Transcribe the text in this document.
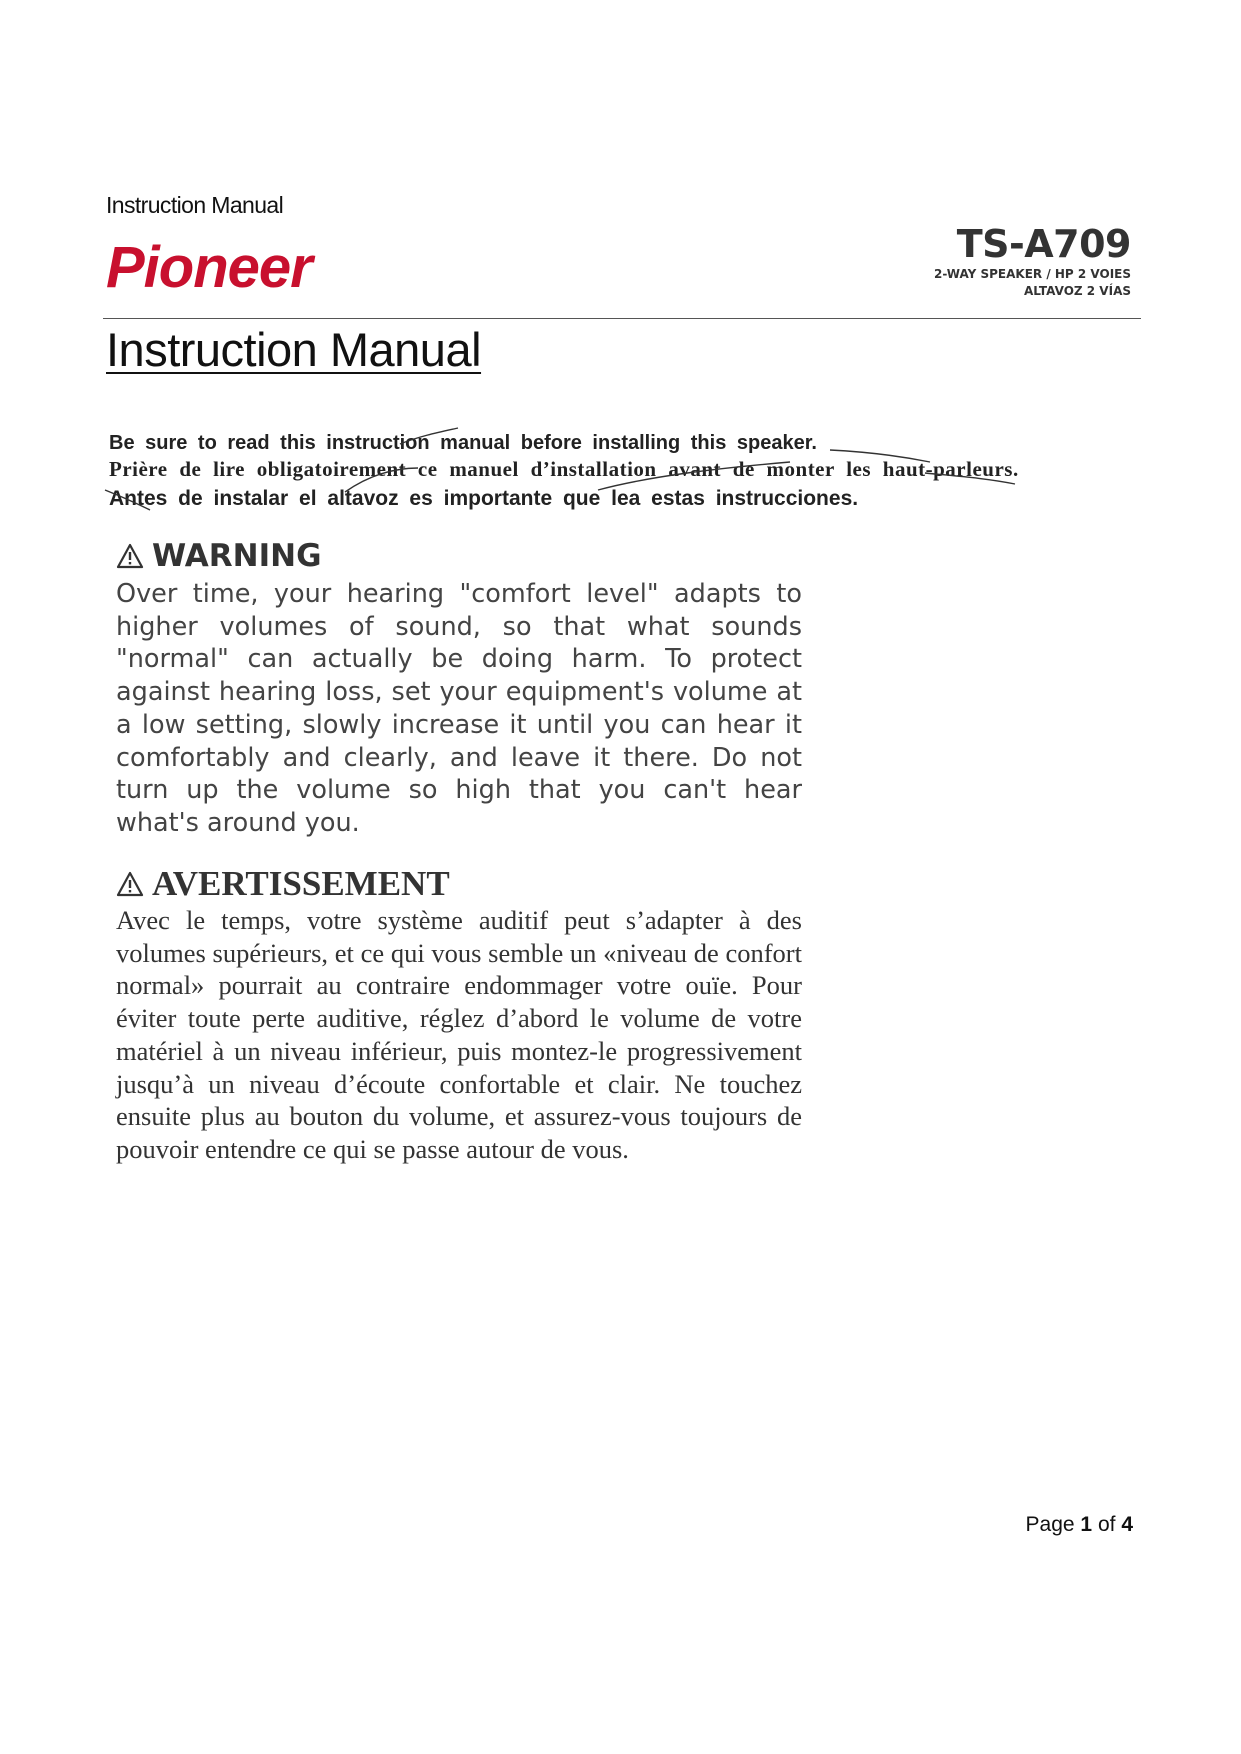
Instruction Manual
Pioneer	TS-A709
2-WAY SPEAKER / HP 2 VOIES
ALTAVOZ 2 VÍAS
Instruction Manual
Be sure to read this instruction manual before installing this speaker.
Prière de lire obligatoirement ce manuel d’installation avant de monter les haut-parleurs.
Antes de instalar el altavoz es importante que lea estas instrucciones.
WARNING
Over time, your hearing "comfort level" adapts to higher volumes of sound, so that what sounds "normal" can actually be doing harm. To protect against hearing loss, set your equipment's volume at a low setting, slowly increase it until you can hear it comfortably and clearly, and leave it there. Do not turn up the volume so high that you can't hear what's around you.
AVERTISSEMENT
Avec le temps, votre système auditif peut s’adapter à des volumes supérieurs, et ce qui vous semble un «niveau de confort normal» pourrait au contraire endommager votre ouïe. Pour éviter toute perte auditive, réglez d’abord le volume de votre matériel à un niveau inférieur, puis montez-le progressivement jusqu’à un niveau d’écoute confortable et clair. Ne touchez ensuite plus au bouton du volume, et assurez-vous toujours de pouvoir entendre ce qui se passe autour de vous.
Page 1 of 4
